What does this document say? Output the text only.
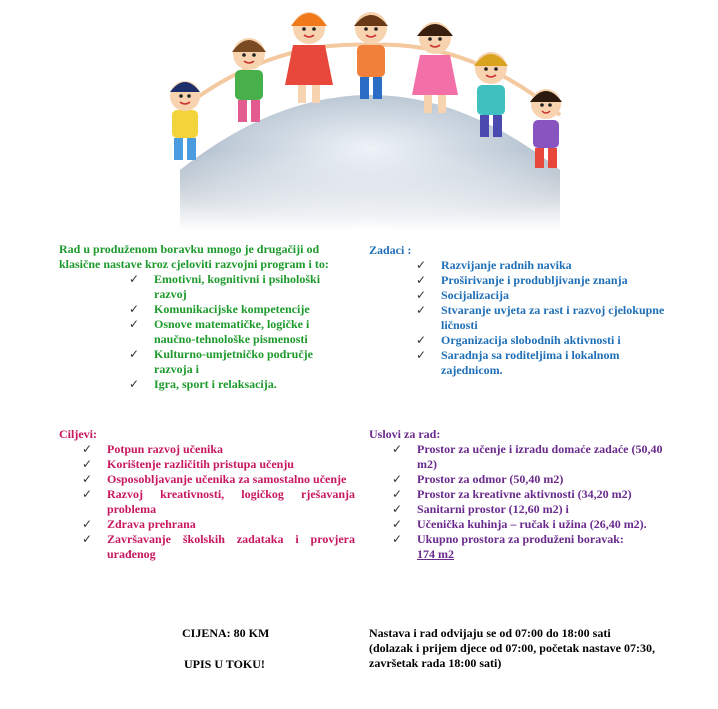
Rad u produženom boravku mnogo je drugačiji od klasične nastave kroz cjeloviti razvojni program i to:

✓ Emotivni, kognitivni i psihološki razvoj
✓ Komunikacijske kompetencije
✓ Osnove matematičke, logičke i naučno-tehnološke pismenosti
✓ Kulturno-umjetničko područje razvoja i
✓ Igra, sport i relaksacija.

Zadaci :

✓ Razvijanje radnih navika
✓ Proširivanje i produbljivanje znanja
✓ Socijalizacija
✓ Stvaranje uvjeta za rast i razvoj cjelokupne ličnosti
✓ Organizacija slobodnih aktivnosti i
✓ Saradnja sa roditeljima i lokalnom zajednicom.

Ciljevi:

✓ Potpun razvoj učenika
✓ Korištenje različitih pristupa učenju
✓ Osposobljavanje učenika za samostalno učenje
✓ Razvoj kreativnosti, logičkog rješavanja problema
✓ Zdrava prehrana
✓ Završavanje školskih zadataka i provjera urađenog

Uslovi za rad:

✓ Prostor za učenje i izradu domaće zadaće (50,40 m2)
✓ Prostor za odmor (50,40 m2)
✓ Prostor za kreativne aktivnosti (34,20 m2)
✓ Sanitarni prostor (12,60 m2) i
✓ Učenička kuhinja – ručak i užina (26,40 m2).
✓ Ukupno prostora za produženi boravak:
174 m2
CIJENA: 80 KM
UPIS U TOKU!
Nastava i rad odvijaju se od 07:00 do 18:00 sati
(dolazak i prijem djece od 07:00, početak nastave 07:30, završetak rada 18:00 sati)
